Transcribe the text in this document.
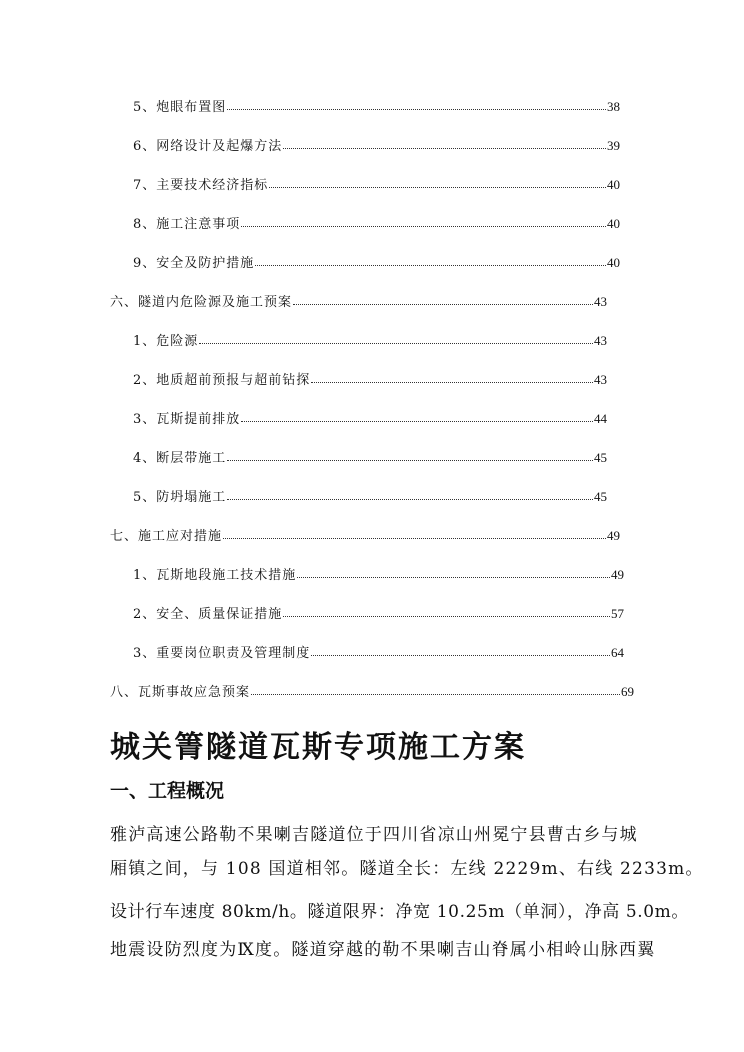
5、炮眼布置图	38
6、网络设计及起爆方法	39
7、主要技术经济指标	40
8、施工注意事项	40
9、安全及防护措施	40
六、隧道内危险源及施工预案	43
1、危险源	43
2、地质超前预报与超前钻探	43
3、瓦斯提前排放	44
4、断层带施工	45
5、防坍塌施工	45
七、施工应对措施	49
1、瓦斯地段施工技术措施	49
2、安全、质量保证措施	57
3、重要岗位职责及管理制度	64
八、瓦斯事故应急预案	69
城关箐隧道瓦斯专项施工方案
一、工程概况
雅泸高速公路勒不果喇吉隧道位于四川省凉山州冕宁县曹古乡与城
厢镇之间，与 108 国道相邻。隧道全长：左线 2229m、右线 2233m。
设计行车速度 80km/h。隧道限界：净宽 10.25m（单洞），净高 5.0m。
地震设防烈度为Ⅸ度。隧道穿越的勒不果喇吉山脊属小相岭山脉西翼
